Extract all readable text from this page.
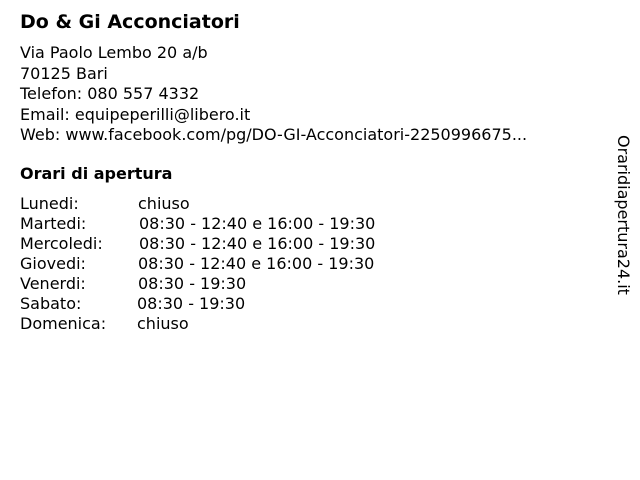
Do & Gi Acconciatori
Via Paolo Lembo 20 a/b
70125 Bari
Telefon: 080 557 4332
Email: equipeperilli@libero.it
Web: www.facebook.com/pg/DO-GI-Acconciatori-2250996675...
Orari di apertura
Lunedi:	chiuso
Martedi:	08:30 - 12:40 e 16:00 - 19:30
Mercoledi: 08:30 - 12:40 e 16:00 - 19:30
Giovedi:	08:30 - 12:40 e 16:00 - 19:30
Venerdi:	08:30 - 19:30
Sabato:	08:30 - 19:30
Domenica: chiuso
Oraridiapertura24.it
